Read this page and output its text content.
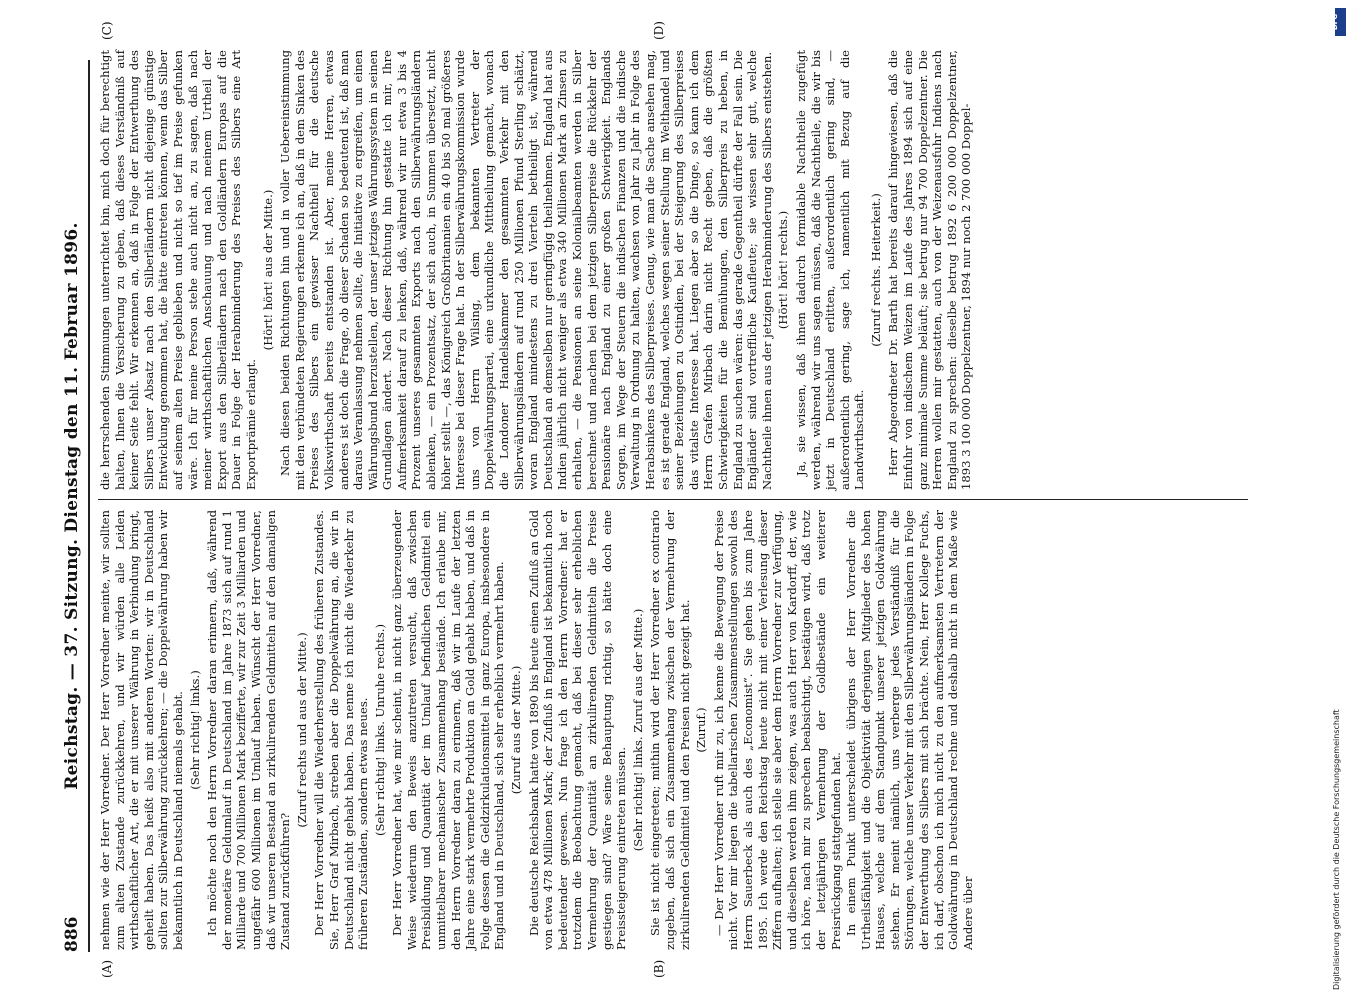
886
Reichstag. — 37. Sitzung. Dienstag den 11. Februar 1896.
(A)	(B)
(C)	(D)

nehmen wie der Herr Vorredner. Der Herr Vorredner meinte, wir sollten zum alten Zustande zurückkehren, und wir würden alle Leiden wirthschaftlicher Art, die er mit unserer Währung in Verbindung bringt, geheilt haben. Das heißt also mit anderen Worten: wir in Deutschland sollten zur Silberwährung zurückkehren; — die Doppelwährung haben wir bekanntlich in Deutschland niemals gehabt. (Sehr richtig! links.) Ich möchte noch den Herrn Vorredner daran erinnern, daß, während der monetäre Geldumlauf in Deutschland im Jahre 1873 sich auf rund 1 Milliarde und 700 Millionen Mark bezifferte, wir zur Zeit 3 Milliarden und ungefähr 600 Millionen im Umlauf haben. Wünscht der Herr Vorredner, daß wir unseren Bestand an zirkulirenden Geldmitteln auf den damaligen Zustand zurückführen?

(Zuruf rechts und aus der Mitte.) Der Herr Vorredner will die Wiederherstellung des früheren Zustandes. Sie, Herr Graf Mirbach, streben aber die Doppelwährung an, die wir in Deutschland nicht gehabt haben. Das nenne ich nicht die Wiederkehr zu früheren Zuständen, sondern etwas neues. (Sehr richtig! links. Unruhe rechts.) Der Herr Vorredner hat, wie mir scheint, in nicht ganz überzeugender Weise wiederum den Beweis anzutreten versucht, daß zwischen Preisbildung und Quantität der im Umlauf befindlichen Geldmittel ein unmittelbarer mechanischer Zusammenhang bestände. Ich erlaube mir, den Herrn Vorredner daran zu erinnern, daß wir im Laufe der letzten Jahre eine stark vermehrte Produktion an Gold gehabt haben, und daß in Folge dessen die Geldzirkulationsmittel in ganz Europa, insbesondere in England und in Deutschland, sich sehr erheblich vermehrt haben. (Zuruf aus der Mitte.) Die deutsche Reichsbank hatte von 1890 bis heute einen Zufluß an Gold von etwa 478 Millionen Mark; der Zufluß in England ist bekanntlich noch bedeutender gewesen. Nun frage ich den Herrn Vorredner: hat er trotzdem die Beobachtung gemacht, daß bei dieser sehr erheblichen Vermehrung der Quantität an zirkulirenden Geldmitteln die Preise gestiegen sind? Wäre seine Behauptung richtig, so hätte doch eine Preissteigerung eintreten müssen. (Sehr richtig! links. Zuruf aus der Mitte.) Sie ist nicht eingetreten; mithin wird der Herr Vorredner ex contrario zugeben, daß sich ein Zusammenhang zwischen der Vermehrung der zirkulirenden Geldmittel und den Preisen nicht gezeigt hat. (Zuruf.) — Der Herr Vorredner ruft mir zu, ich kenne die Bewegung der Preise nicht. Vor mir liegen die tabellarischen Zusammenstellungen sowohl des Herrn Sauerbeck als auch des „Economist“. Sie gehen bis zum Jahre 1895. Ich werde den Reichstag heute nicht mit einer Verlesung dieser Ziffern aufhalten; ich stelle sie aber dem Herrn Vorredner zur Verfügung, und dieselben werden ihm zeigen, was auch Herr von Kardorff, der, wie ich höre, nach mir zu sprechen beabsichtigt, bestätigen wird, daß trotz der letztjährigen Vermehrung der Goldbestände ein weiterer Preisrückgang stattgefunden hat. In einem Punkt unterscheidet übrigens der Herr Vorredner die Urtheilsfähigkeit und die Objektivität derjenigen Mitglieder des hohen Hauses, welche auf dem Standpunkt unserer jetzigen Goldwährung stehen. Er meint nämlich, uns verberge jedes Verständniß für die Störungen, welche unser Verkehr mit den Silberwährungsländern in Folge der Entwerthung des Silbers mit sich brächte. Nein, Herr Kollege Fuchs, ich darf, obschon ich mich nicht zu den aufmerksamsten Vertretern der Goldwährung in Deutschland rechne und deshalb nicht in dem Maße wie Andere über

die herrschenden Stimmungen unterrichtet bin, mich doch für berechtigt halten, Ihnen die Versicherung zu geben, daß dieses Verständniß auf keiner Seite fehlt. Wir erkennen an, daß in Folge der Entwerthung des Silbers unser Absatz nach den Silberländern nicht diejenige günstige Entwicklung genommen hat, die hätte eintreten können, wenn das Silber auf seinem alten Preise geblieben und nicht so tief im Preise gefunken wäre. Ich für meine Person stehe auch nicht an, zu sagen, daß nach meiner wirthschaftlichen Anschauung und nach meinem Urtheil der Export aus den Silberländern nach den Goldländern Europas auf die Dauer in Folge der Herabminderung des Preises des Silbers eine Art Exportprämie erlangt.

(Hört! hört! aus der Mitte.) Nach diesen beiden Richtungen hin und in voller Uebereinstimmung mit den verbündeten Regierungen erkenne ich an, daß in dem Sinken des Preises des Silbers ein gewisser Nachtheil für die deutsche Volkswirthschaft bereits entstanden ist. Aber, meine Herren, etwas anderes ist doch die Frage, ob dieser Schaden so bedeutend ist, daß man daraus Veranlassung nehmen sollte, die Initiative zu ergreifen, um einen Währungsbund herzustellen, der unser jetziges Währungssystem in seinen Grundlagen ändert. Nach dieser Richtung hin gestatte ich mir, Ihre Aufmerksamkeit darauf zu lenken, daß, während wir nur etwa 3 bis 4 Prozent unseres gesammten Exports nach den Silberwährungsländern ablenken, — ein Prozentsatz, der sich auch, in Summen übersetzt, nicht höher stellt —, das Königreich Großbritannien ein 40 bis 50 mal größeres Interesse bei dieser Frage hat. In der Silberwährungskommission wurde uns von Herrn Wilsing, dem bekannten Vertreter der Doppelwährungspartei, eine urkundliche Mittheilung gemacht, wonach die Londoner Handelskammer den gesammten Verkehr mit den Silberwährungsländern auf rund 250 Millionen Pfund Sterling schätzt, woran England mindestens zu drei Vierteln betheiligt ist, während Deutschland an demselben nur geringfügig theilnehmen. England hat aus Indien jährlich nicht weniger als etwa 340 Millionen Mark an Zinsen zu erhalten, — die Pensionen an seine Kolonialbeamten werden in Silber berechnet und machen bei dem jetzigen Silberpreise die Rückkehr der Pensionäre nach England zu einer großen Schwierigkeit. Englands Sorgen, im Wege der Steuern die indischen Finanzen und die indische Verwaltung in Ordnung zu halten, wachsen von Jahr zu Jahr in Folge des Herabsinkens des Silberpreises. Genug, wie man die Sache ansehen mag, es ist gerade England, welches wegen seiner Stellung im Welthandel und seiner Beziehungen zu Ostindien, bei der Steigerung des Silberpreises das vitalste Interesse hat. Liegen aber so die Dinge, so kann ich dem Herrn Grafen Mirbach darin nicht Recht geben, daß die größten Schwierigkeiten für die Bemühungen, den Silberpreis zu heben, in England zu suchen wären: das gerade Gegentheil dürfte der Fall sein. Die Engländer sind vortreffliche Kaufleute; sie wissen sehr gut, welche Nachtheile ihnen aus der jetzigen Herabminderung des Silbers entstehen. (Hört! hört! rechts.) Ja, sie wissen, daß ihnen dadurch formidable Nachtheile zugefügt werden, während wir uns sagen müssen, daß die Nachtheile, die wir bis jetzt in Deutschland erlitten, außerordentlich gering sind, — außerordentlich gering, sage ich, namentlich mit Bezug auf die Landwirthschaft.

(Zuruf rechts. Heiterkeit.) Herr Abgeordneter Dr. Barth hat bereits darauf hingewiesen, daß die Einfuhr von indischem Weizen im Laufe des Jahres 1894 sich auf eine ganz minimale Summe beläuft; sie betrug nur 94 700 Doppelzentner. Die Herren wollen mir gestatten, auch von der Weizenausfuhr Indiens nach England zu sprechen: dieselbe betrug 1892 6 200 000 Doppelzentner, 1893 3 100 000 Doppelzentner, 1894 nur noch 2 700 000 Doppel-

DFG
Digitalisierung gefördert durch die Deutsche Forschungsgemeinschaft
